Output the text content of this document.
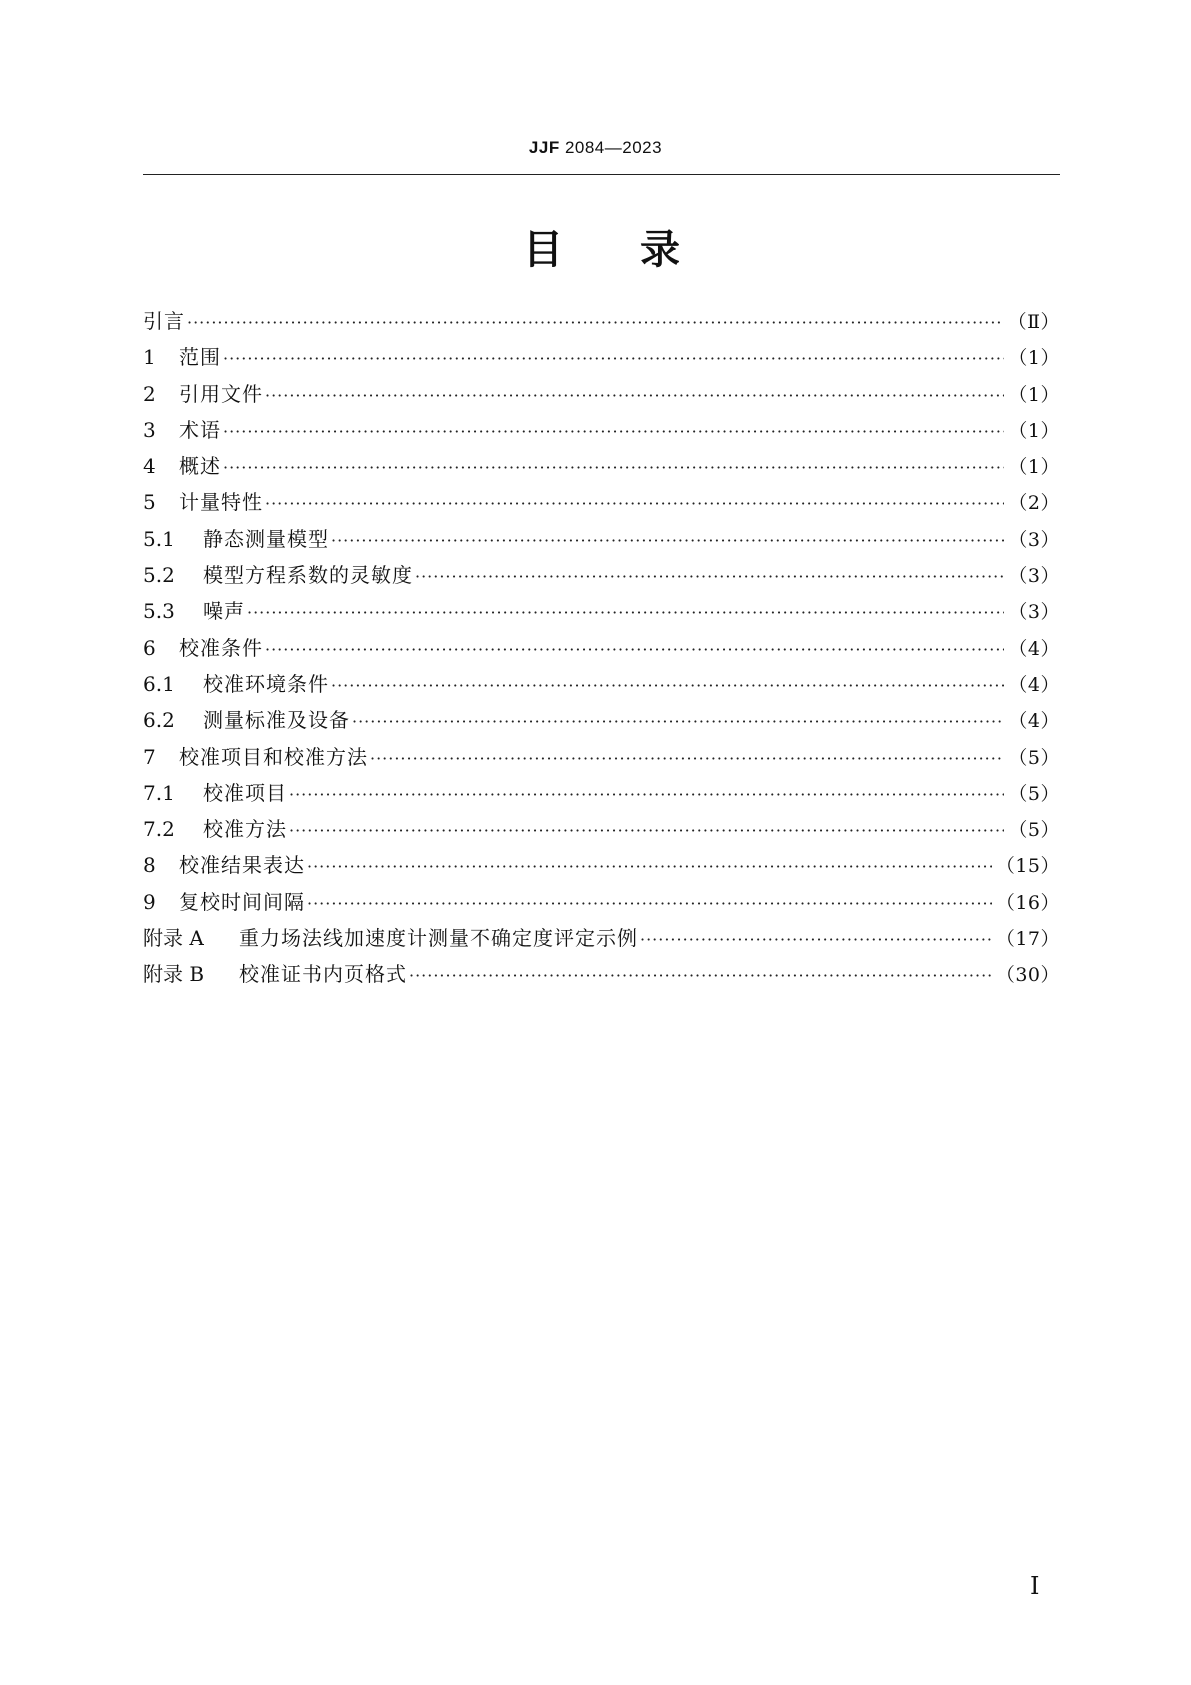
JJF 2084—2023
目 录
引言 ·····	（Ⅱ）
1	范围 ·····	（1）
2	引用文件 ·····	（1）
3	术语 ·····	（1）
4	概述 ·····	（1）
5	计量特性 ·····	（2）
5.1	静态测量模型 ·····	（3）
5.2	模型方程系数的灵敏度 ·····	（3）
5.3	噪声 ·····	（3）
6	校准条件 ·····	（4）
6.1	校准环境条件 ·····	（4）
6.2	测量标准及设备 ·····	（4）
7	校准项目和校准方法 ·····	（5）
7.1	校准项目 ·····	（5）
7.2	校准方法 ·····	（5）
8	校准结果表达 ·····	（15）
9	复校时间间隔 ·····	（16）
附录 A	重力场法线加速度计测量不确定度评定示例 ·····	（17）
附录 B	校准证书内页格式 ·····	（30）
Ⅰ
